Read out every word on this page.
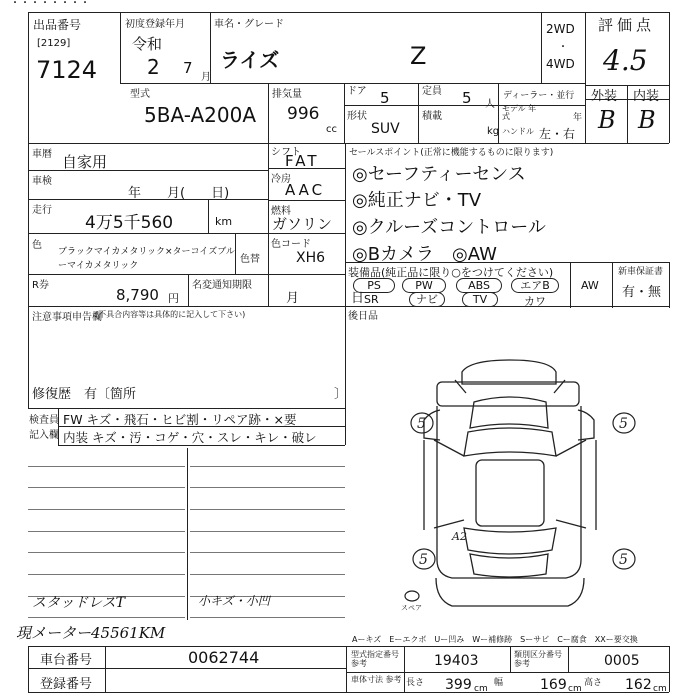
・・・・・・・・
出品番号
[2129]
7124
初度登録年月
令和
2 7
月
車名・グレード
ライズ	Z
2WD
・
4WD
評価点
4.5
型式
5BA-A200A
排気量
996
cc
ドア 5	定員 5 人
形状
SUV
積載
kg
ディーラー・並行
モデル 年式	年
ハンドル 左・右
外装 内装
B B
車暦 自家用
車検
年　　月(　　日)
走行
4万5千560	km
色
ブラックマイカメタリック×ターコイズブル
ーマイカメタリック
色替
R券
8,790 円
名変通知期限
月　　　　日
シフト
FAT
冷房
AAC
燃料
ガソリン
色コード
XH6
セールスポイント(正常に機能するものに限ります)
◎セーフティーセンス
◎純正ナビ・TV
◎クルーズコントロール
◎Bカメラ　◎AW
装備品(純正品に限り○をつけてください)
PS	PW	ABS	エアB	AW
SR	ナビ	TV	カワ
新車保証書
有・無
後日品
注意事項申告欄
(不具合内容等は具体的に記入して下さい)
修復歴　有〔箇所	〕
検査員
記入欄
FW キズ・飛石・ヒビ割・リペア跡・×要
内装 キズ・汚・コゲ・穴・スレ・キレ・破レ
スタッドレスT	小キズ・小凹
現メーター45561KM
5	5
5	5
A2
スペア
Aーキズ　Eーエクボ　Uー凹み　Wー補修跡　Sーサビ　Cー腐食　XXー要交換
車台番号	0062744
登録番号
型式指定番号 参考	19403	類別区分番号 参考	0005
車体寸法 参考 長さ 399 cm
幅	169 cm
高さ 162 cm
